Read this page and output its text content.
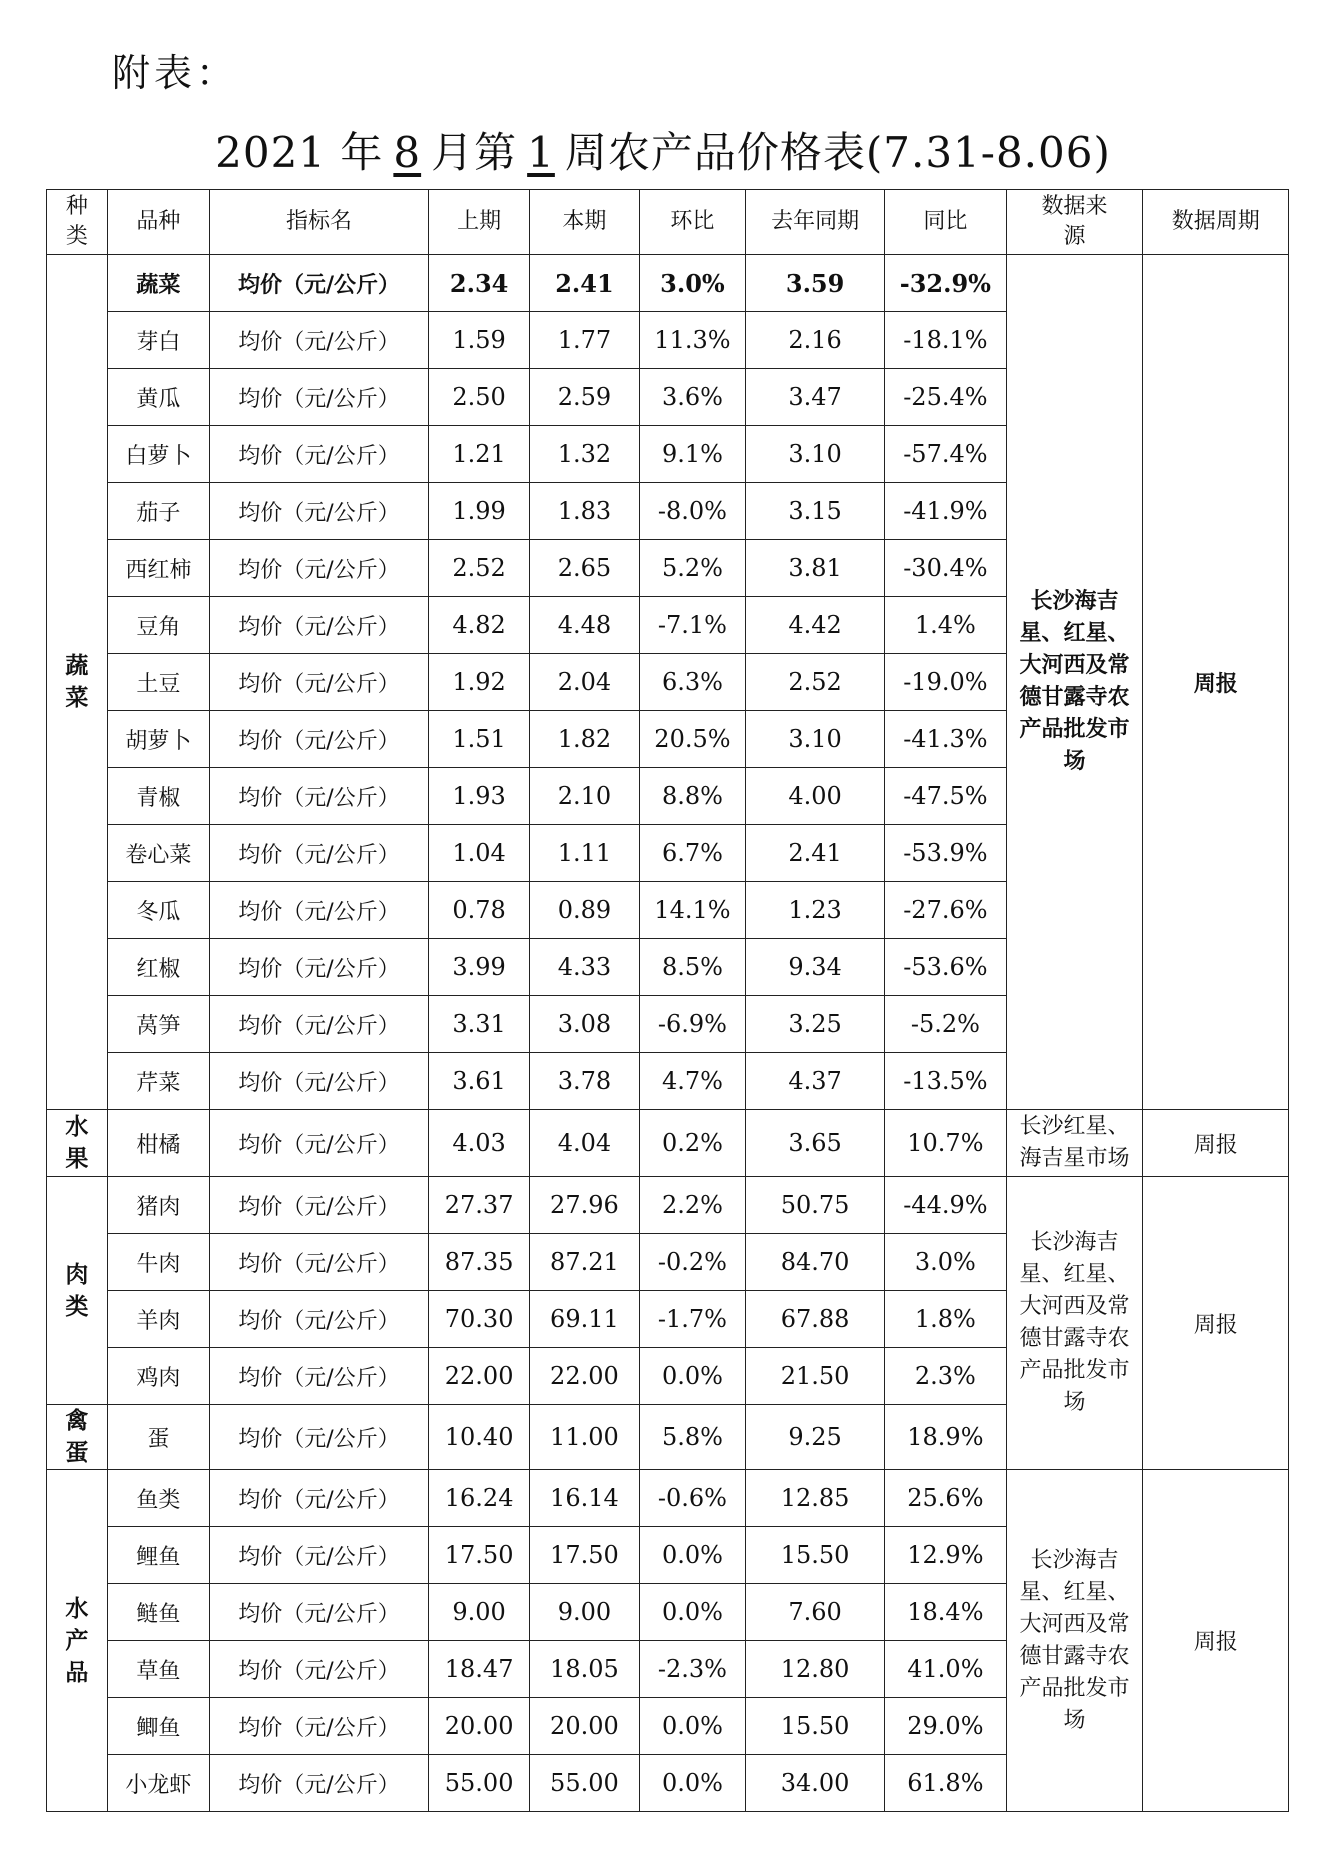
附表：
2021 年 8 月第 1 周农产品价格表(7.31-8.06)
种类	品种	指标名	上期	本期	环比	去年同期	同比	数据来源	数据周期
蔬菜	蔬菜	均价（元/公斤）	2.34	2.41	3.0%	3.59	-32.9%	长沙海吉星、红星、大河西及常德甘露寺农产品批发市场	周报
	芽白	均价（元/公斤）	1.59	1.77	11.3%	2.16	-18.1%		
	黄瓜	均价（元/公斤）	2.50	2.59	3.6%	3.47	-25.4%		
	白萝卜	均价（元/公斤）	1.21	1.32	9.1%	3.10	-57.4%		
	茄子	均价（元/公斤）	1.99	1.83	-8.0%	3.15	-41.9%		
	西红柿	均价（元/公斤）	2.52	2.65	5.2%	3.81	-30.4%		
	豆角	均价（元/公斤）	4.82	4.48	-7.1%	4.42	1.4%		
	土豆	均价（元/公斤）	1.92	2.04	6.3%	2.52	-19.0%		
	胡萝卜	均价（元/公斤）	1.51	1.82	20.5%	3.10	-41.3%		
	青椒	均价（元/公斤）	1.93	2.10	8.8%	4.00	-47.5%		
	卷心菜	均价（元/公斤）	1.04	1.11	6.7%	2.41	-53.9%		
	冬瓜	均价（元/公斤）	0.78	0.89	14.1%	1.23	-27.6%		
	红椒	均价（元/公斤）	3.99	4.33	8.5%	9.34	-53.6%		
	莴笋	均价（元/公斤）	3.31	3.08	-6.9%	3.25	-5.2%		
	芹菜	均价（元/公斤）	3.61	3.78	4.7%	4.37	-13.5%		
水果	柑橘	均价（元/公斤）	4.03	4.04	0.2%	3.65	10.7%	长沙红星、海吉星市场	周报
肉类	猪肉	均价（元/公斤）	27.37	27.96	2.2%	50.75	-44.9%	长沙海吉星、红星、大河西及常德甘露寺农产品批发市场	周报
	牛肉	均价（元/公斤）	87.35	87.21	-0.2%	84.70	3.0%		
	羊肉	均价（元/公斤）	70.30	69.11	-1.7%	67.88	1.8%		
	鸡肉	均价（元/公斤）	22.00	22.00	0.0%	21.50	2.3%		
禽蛋	蛋	均价（元/公斤）	10.40	11.00	5.8%	9.25	18.9%		
水产品	鱼类	均价（元/公斤）	16.24	16.14	-0.6%	12.85	25.6%	长沙海吉星、红星、大河西及常德甘露寺农产品批发市场	周报
	鲤鱼	均价（元/公斤）	17.50	17.50	0.0%	15.50	12.9%		
	鲢鱼	均价（元/公斤）	9.00	9.00	0.0%	7.60	18.4%		
	草鱼	均价（元/公斤）	18.47	18.05	-2.3%	12.80	41.0%		
	鲫鱼	均价（元/公斤）	20.00	20.00	0.0%	15.50	29.0%		
	小龙虾	均价（元/公斤）	55.00	55.00	0.0%	34.00	61.8%		
